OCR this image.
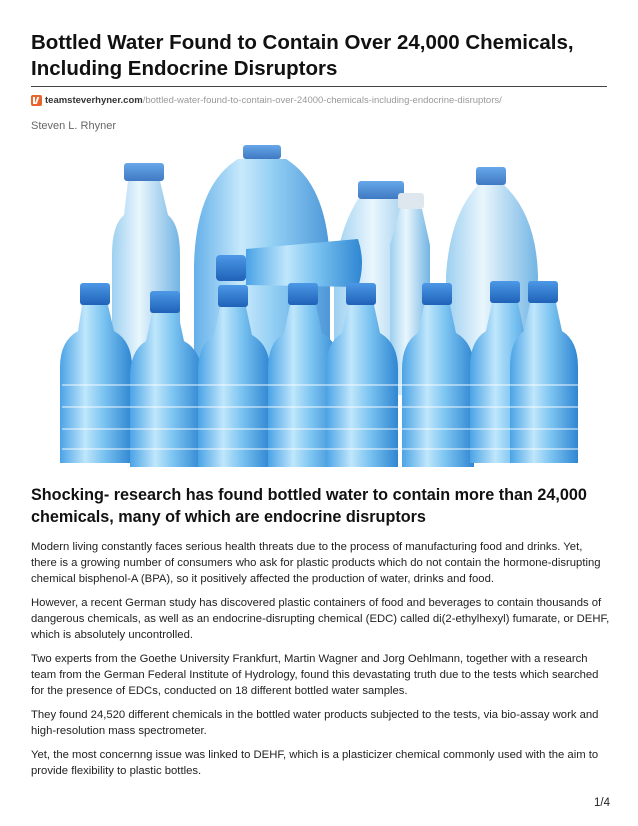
Bottled Water Found to Contain Over 24,000 Chemicals, Including Endocrine Disruptors
teamsteverhyner.com /bottled-water-found-to-contain-over-24000-chemicals-including-endocrine-disruptors/
Steven L. Rhyner
Shocking- research has found bottled water to contain more than 24,000 chemicals, many of which are endocrine disruptors

Modern living constantly faces serious health threats due to the process of manufacturing food and drinks. Yet, there is a growing number of consumers who ask for plastic products which do not contain the hormone-disrupting chemical bisphenol-A (BPA), so it positively affected the production of water, drinks and food.

However, a recent German study has discovered plastic containers of food and beverages to contain thousands of dangerous chemicals, as well as an endocrine-disrupting chemical (EDC) called di(2-ethylhexyl) fumarate, or DEHF, which is absolutely uncontrolled.

Two experts from the Goethe University Frankfurt, Martin Wagner and Jorg Oehlmann, together with a research team from the German Federal Institute of Hydrology, found this devastating truth due to the tests which searched for the presence of EDCs, conducted on 18 different bottled water samples.

They found 24,520 different chemicals in the bottled water products subjected to the tests, via bio-assay work and high-resolution mass spectrometer.

Yet, the most concernng issue was linked to DEHF, which is a plasticizer chemical commonly used with the aim to provide flexibility to plastic bottles.

1/4
